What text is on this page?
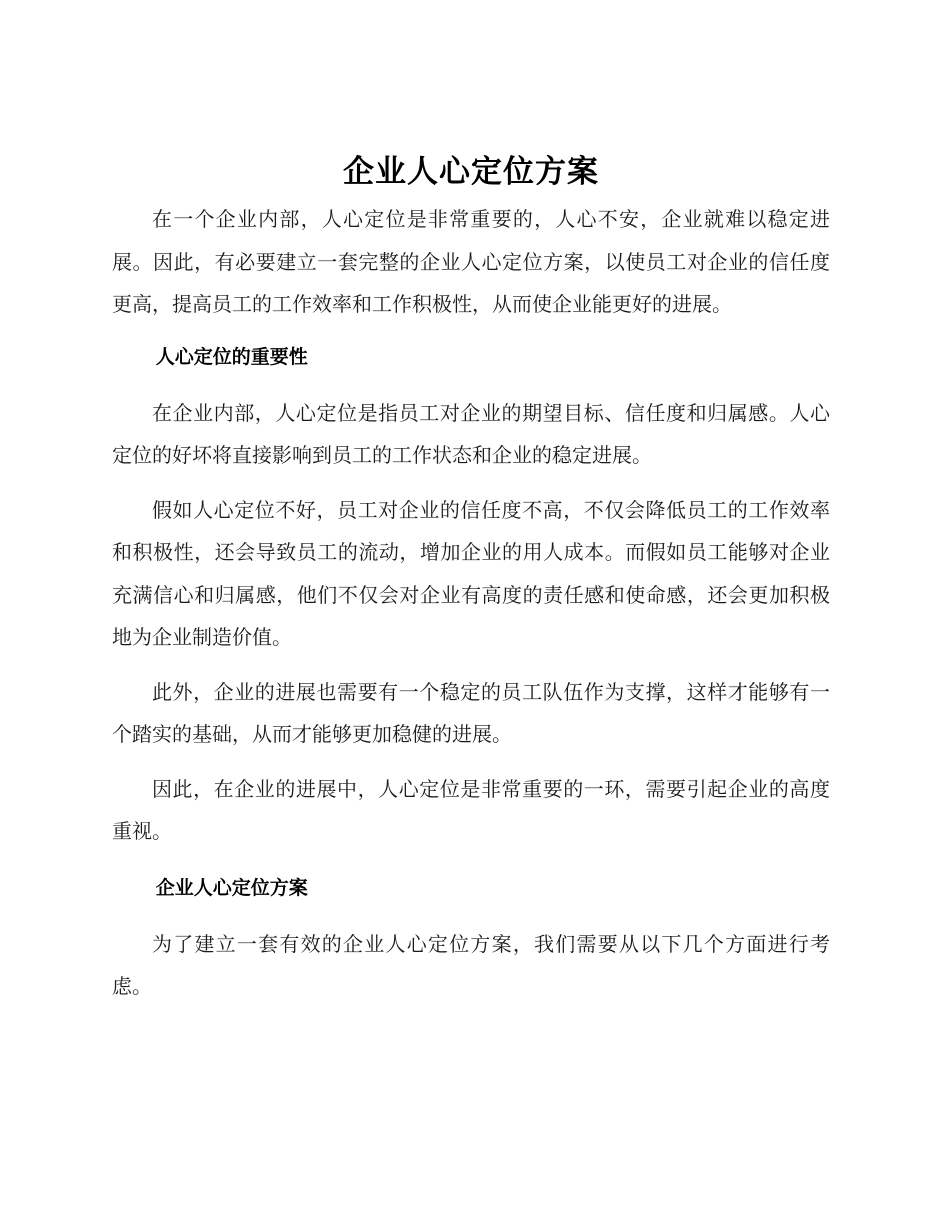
企业人心定位方案

在一个企业内部，人心定位是非常重要的，人心不安，企业就难以稳定进展。因此，有必要建立一套完整的企业人心定位方案，以使员工对企业的信任度更高，提高员工的工作效率和工作积极性，从而使企业能更好的进展。

人心定位的重要性

在企业内部，人心定位是指员工对企业的期望目标、信任度和归属感。人心定位的好坏将直接影响到员工的工作状态和企业的稳定进展。

假如人心定位不好，员工对企业的信任度不高，不仅会降低员工的工作效率和积极性，还会导致员工的流动，增加企业的用人成本。而假如员工能够对企业充满信心和归属感，他们不仅会对企业有高度的责任感和使命感，还会更加积极地为企业制造价值。

此外，企业的进展也需要有一个稳定的员工队伍作为支撑，这样才能够有一个踏实的基础，从而才能够更加稳健的进展。

因此，在企业的进展中，人心定位是非常重要的一环，需要引起企业的高度重视。

企业人心定位方案

为了建立一套有效的企业人心定位方案，我们需要从以下几个方面进行考虑。
